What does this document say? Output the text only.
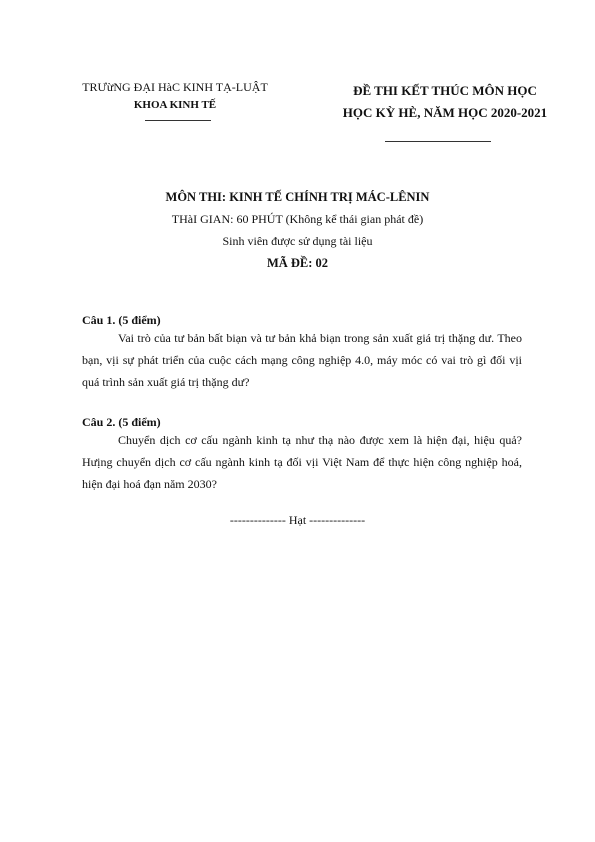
TRƯừNG ĐẠI HàC KINH TẠ-LUẬT
KHOA KINH TẾ
ĐỀ THI KẾT THÚC MÔN HỌC
HỌC KỲ HÈ, NĂM HỌC 2020-2021
MÔN THI: KINH TẾ CHÍNH TRỊ MÁC-LÊNIN
THàI GIAN: 60 PHÚT (Không kể thái gian phát đề)
Sinh viên được sử dụng tài liệu
MÃ ĐỀ: 02
Câu 1. (5 điểm)

Vai trò của tư bản bất biạn và tư bản khả biạn trong sản xuất giá trị thặng dư. Theo bạn, vịi sự phát triển của cuộc cách mạng công nghiệp 4.0, máy móc có vai trò gì đối vịi quá trình sản xuất giá trị thặng dư?

Câu 2. (5 điểm)

Chuyển dịch cơ cấu ngành kinh tạ như thạ nào được xem là hiện đại, hiệu quả? Hưịng chuyển dịch cơ cấu ngành kinh tạ đối vịi Việt Nam để thực hiện công nghiệp hoá, hiện đại hoá đạn năm 2030?

-------------- Hạt --------------
